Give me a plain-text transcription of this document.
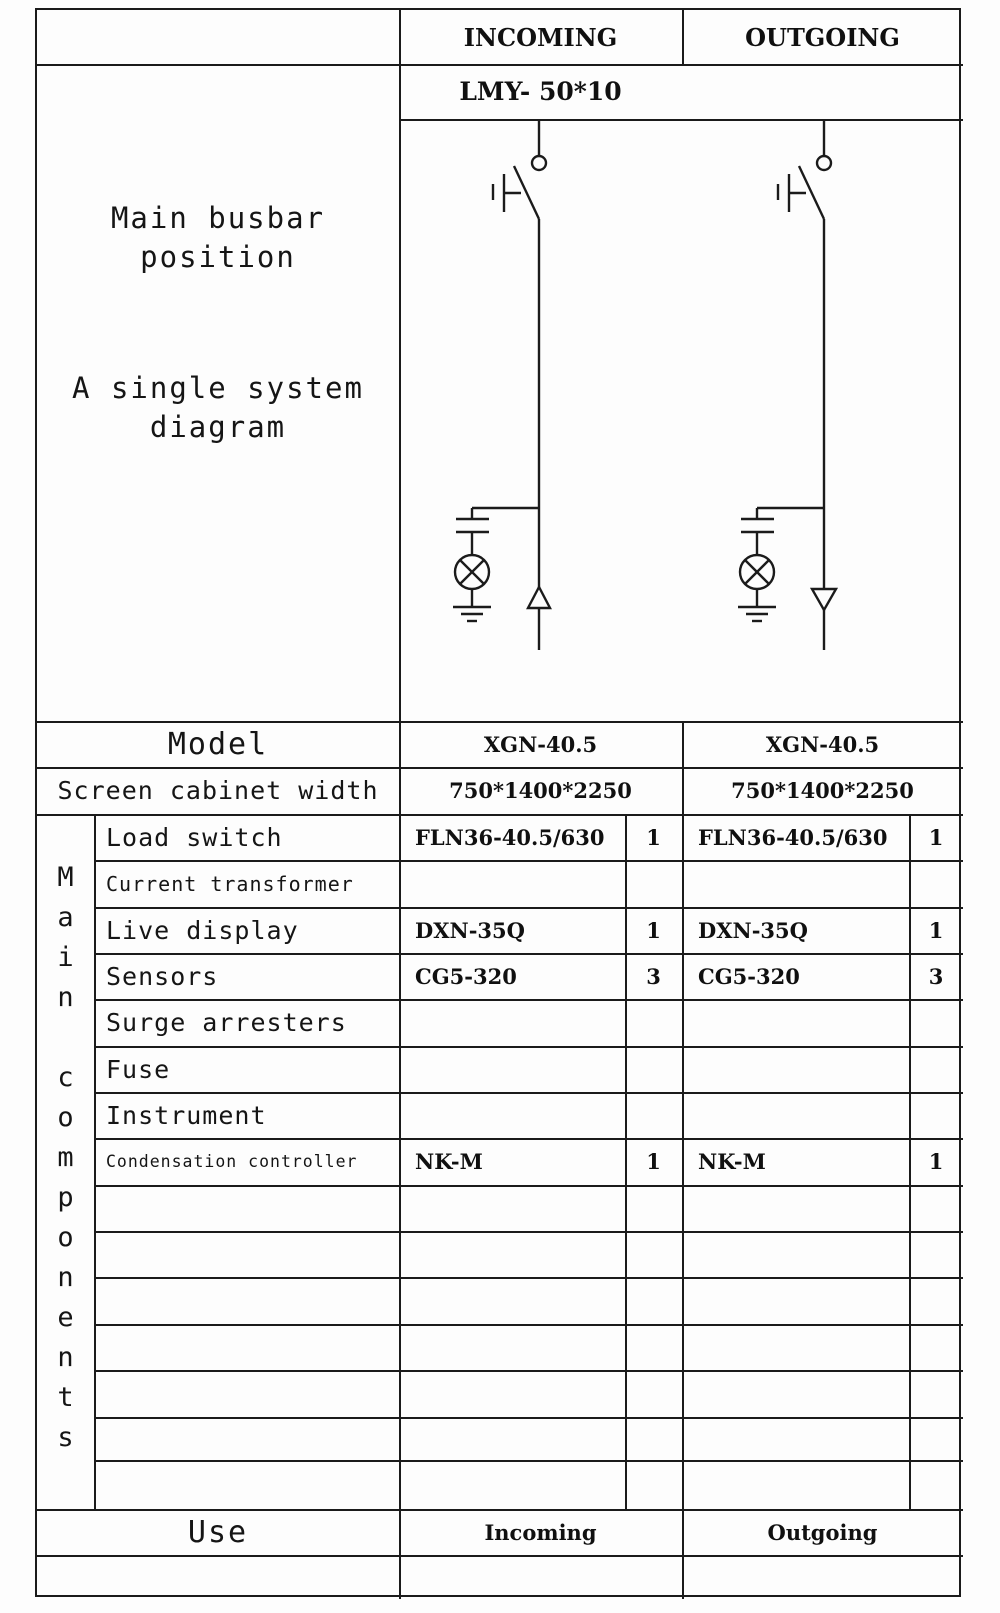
INCOMING	OUTGOING
LMY- 50*10
Main busbar position
A single system diagram
Model	XGN-40.5	XGN-40.5
Screen cabinet width	750*1400*2250	750*1400*2250
Main components
Load switch	FLN36-40.5/630	1	FLN36-40.5/630	1
Current transformer
Live display	DXN-35Q	1	DXN-35Q	1
Sensors	CG5-320	3	CG5-320	3
Surge arresters
Fuse
Instrument
Condensation controller	NK-M	1	NK-M	1
Use	Incoming	Outgoing
